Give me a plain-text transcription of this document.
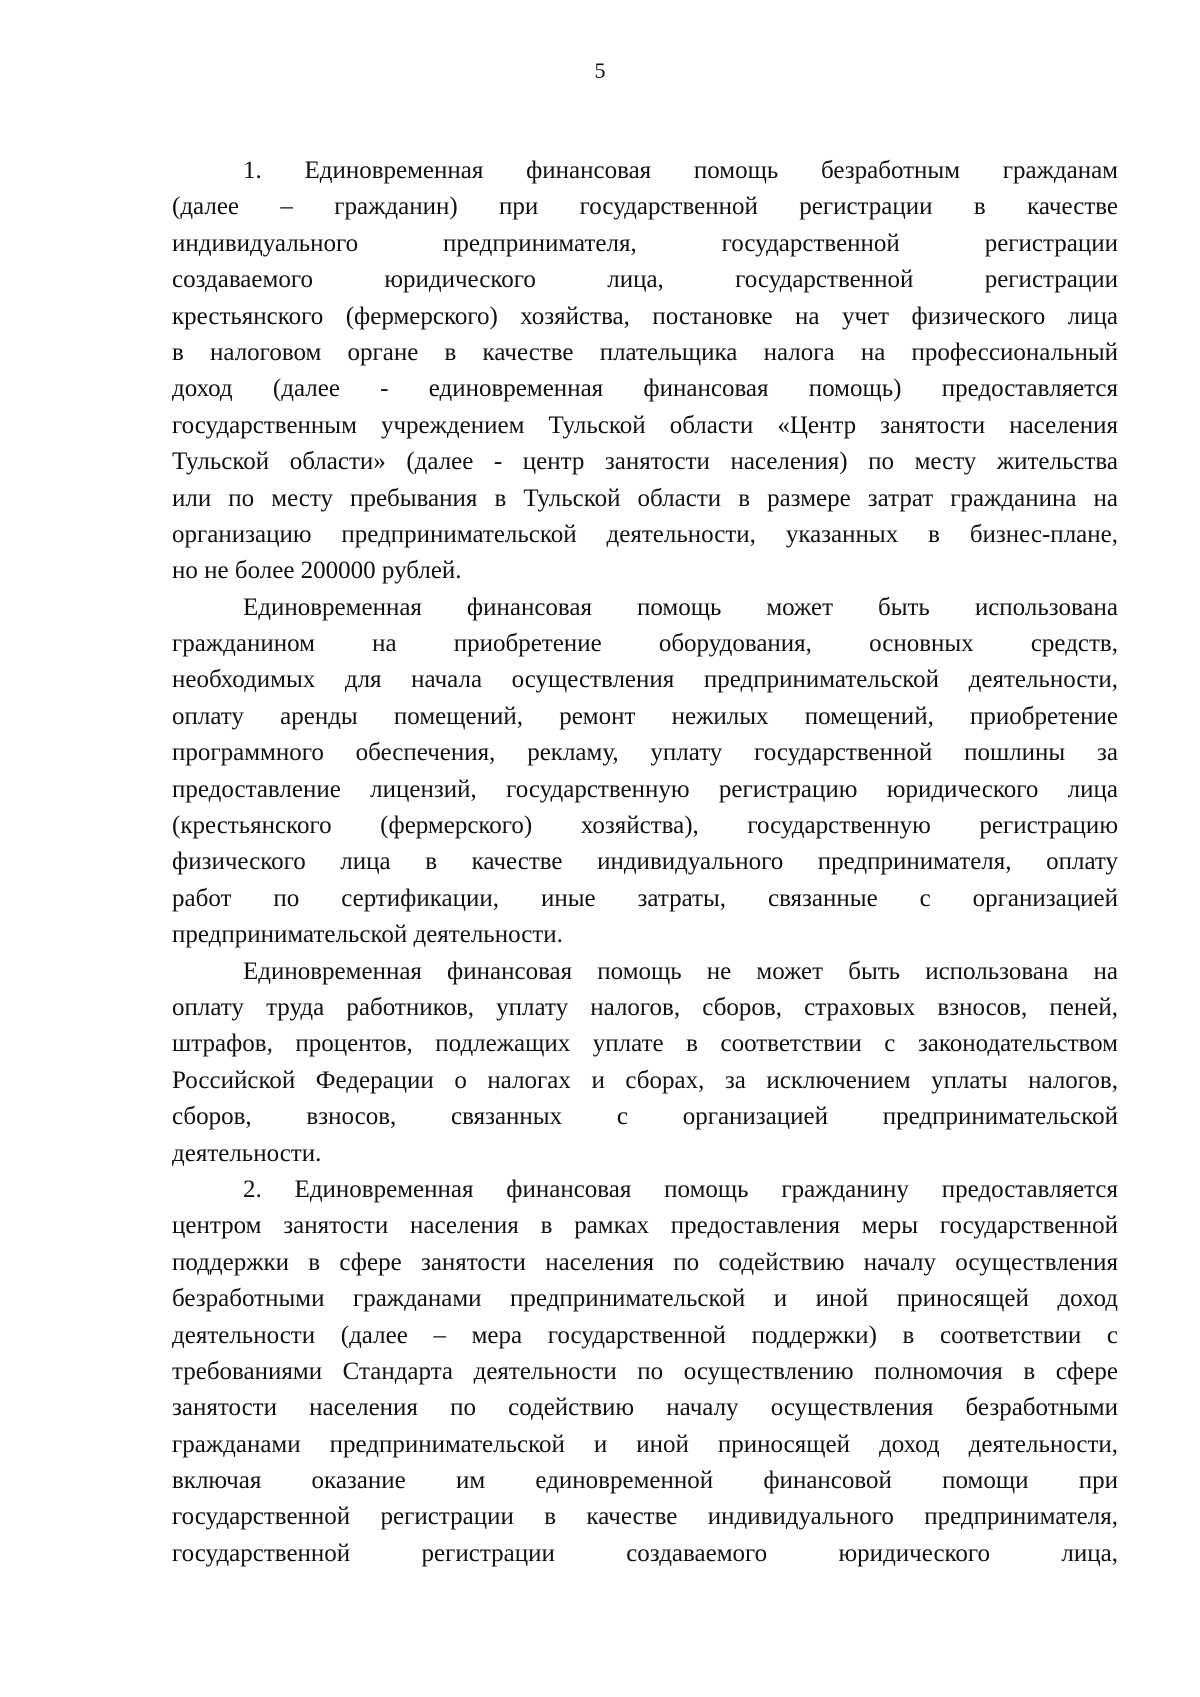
5
1. Единовременная финансовая помощь безработным гражданам
(далее – гражданин) при государственной регистрации в качестве
индивидуального предпринимателя, государственной регистрации
создаваемого юридического лица, государственной регистрации
крестьянского (фермерского) хозяйства, постановке на учет физического лица
в налоговом органе в качестве плательщика налога на профессиональный
доход (далее - единовременная финансовая помощь) предоставляется
государственным учреждением Тульской области «Центр занятости населения
Тульской области» (далее - центр занятости населения) по месту жительства
или по месту пребывания в Тульской области в размере затрат гражданина на
организацию предпринимательской деятельности, указанных в бизнес-плане,
но не более 200000 рублей.
Единовременная финансовая помощь может быть использована
гражданином на приобретение оборудования, основных средств,
необходимых для начала осуществления предпринимательской деятельности,
оплату аренды помещений, ремонт нежилых помещений, приобретение
программного обеспечения, рекламу, уплату государственной пошлины за
предоставление лицензий, государственную регистрацию юридического лица
(крестьянского (фермерского) хозяйства), государственную регистрацию
физического лица в качестве индивидуального предпринимателя, оплату
работ по сертификации, иные затраты, связанные с организацией
предпринимательской деятельности.
Единовременная финансовая помощь не может быть использована на
оплату труда работников, уплату налогов, сборов, страховых взносов, пеней,
штрафов, процентов, подлежащих уплате в соответствии с законодательством
Российской Федерации о налогах и сборах, за исключением уплаты налогов,
сборов, взносов, связанных с организацией предпринимательской
деятельности.
2. Единовременная финансовая помощь гражданину предоставляется
центром занятости населения в рамках предоставления меры государственной
поддержки в сфере занятости населения по содействию началу осуществления
безработными гражданами предпринимательской и иной приносящей доход
деятельности (далее – мера государственной поддержки) в соответствии с
требованиями Стандарта деятельности по осуществлению полномочия в сфере
занятости населения по содействию началу осуществления безработными
гражданами предпринимательской и иной приносящей доход деятельности,
включая оказание им единовременной финансовой помощи при
государственной регистрации в качестве индивидуального предпринимателя,
государственной регистрации создаваемого юридического лица,
